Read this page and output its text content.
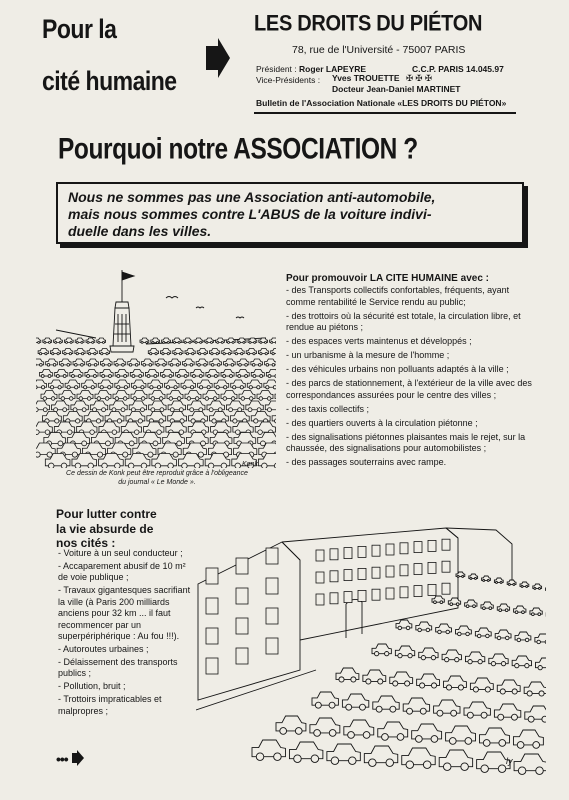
Pour la
cité humaine
LES DROITS DU PIÉTON
78, rue de l'Université - 75007 PARIS
Président : Roger LAPEYRE	C.C.P. PARIS 14.045.97
Vice-Présidents : Yves TROUETTE ✠ ✠ ✠
Docteur Jean-Daniel MARTINET
Bulletin de l'Association Nationale «LES DROITS DU PIÉTON»
Pourquoi notre ASSOCIATION ?
Nous ne sommes pas une Association anti-automobile,
mais nous sommes contre L'ABUS de la voiture indivi-
duelle dans les villes.
Pour promouvoir LA CITE HUMAINE avec :
- des Transports collectifs confortables, fréquents, ayant comme rentabilité le Service rendu au public;
- des trottoirs où la sécurité est totale, la circulation libre, et rendue au piétons ;
- des espaces verts maintenus et développés ;
- un urbanisme à la mesure de l'homme ;
- des véhicules urbains non polluants adaptés à la ville ;
- des parcs de stationnement, à l'extérieur de la ville avec des correspondances assurées pour le centre des villes ;
- des taxis collectifs ;
- des quartiers ouverts à la circulation piétonne ;
- des signalisations piétonnes plaisantes mais le rejet, sur la chaussée, des signalisations pour automobilistes ;
- des passages souterrains avec rampe.
Konk
Ce dessin de Konk peut être reproduit grâce à l'obligeance
du journal « Le Monde ».
Pour lutter contre
la vie absurde de
nos cités :
- Voiture à un seul conducteur ;
- Accaparement abusif de 10 m² de voie publique ;
- Travaux gigantesques sacrifiant la ville (à Paris 200 milliards anciens pour 32 km ... il faut recommencer par un superpériphérique : Au fou !!!).
- Autoroutes urbaines ;
- Délaissement des transports publics ;
- Pollution, bruit ;
- Trottoirs impraticables et malpropres ;
•••	ly
